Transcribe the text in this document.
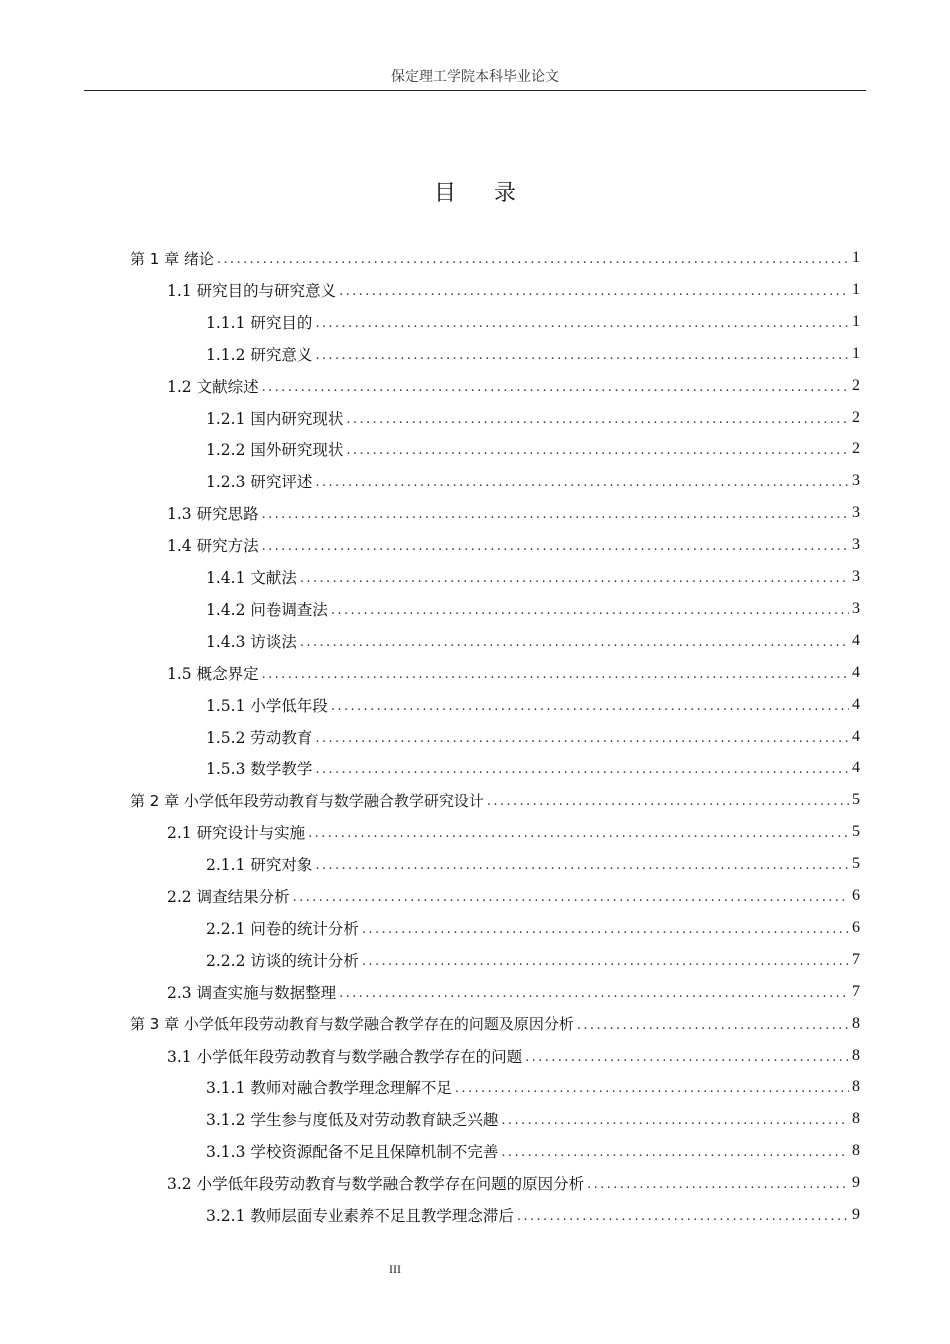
保定理工学院本科毕业论文
目录
第 1 章 绪论 .....	1
1.1 研究目的与研究意义 .....	1
1.1.1 研究目的 .....	1
1.1.2 研究意义 .....	1
1.2 文献综述 .....	2
1.2.1 国内研究现状 .....	2
1.2.2 国外研究现状 .....	2
1.2.3 研究评述 .....	3
1.3 研究思路 .....	3
1.4 研究方法 .....	3
1.4.1 文献法 .....	3
1.4.2 问卷调查法 .....	3
1.4.3 访谈法 .....	4
1.5 概念界定 .....	4
1.5.1 小学低年段 .....	4
1.5.2 劳动教育 .....	4
1.5.3 数学教学 .....	4
第 2 章 小学低年段劳动教育与数学融合教学研究设计 .....	5
2.1 研究设计与实施 .....	5
2.1.1 研究对象 .....	5
2.2 调查结果分析 .....	6
2.2.1 问卷的统计分析 .....	6
2.2.2 访谈的统计分析 .....	7
2.3 调查实施与数据整理 .....	7
第 3 章 小学低年段劳动教育与数学融合教学存在的问题及原因分析 .....	8
3.1 小学低年段劳动教育与数学融合教学存在的问题 .....	8
3.1.1 教师对融合教学理念理解不足 .....	8
3.1.2 学生参与度低及对劳动教育缺乏兴趣 .....	8
3.1.3 学校资源配备不足且保障机制不完善 .....	8
3.2 小学低年段劳动教育与数学融合教学存在问题的原因分析 .....	9
3.2.1 教师层面专业素养不足且教学理念滞后 .....	9
III
